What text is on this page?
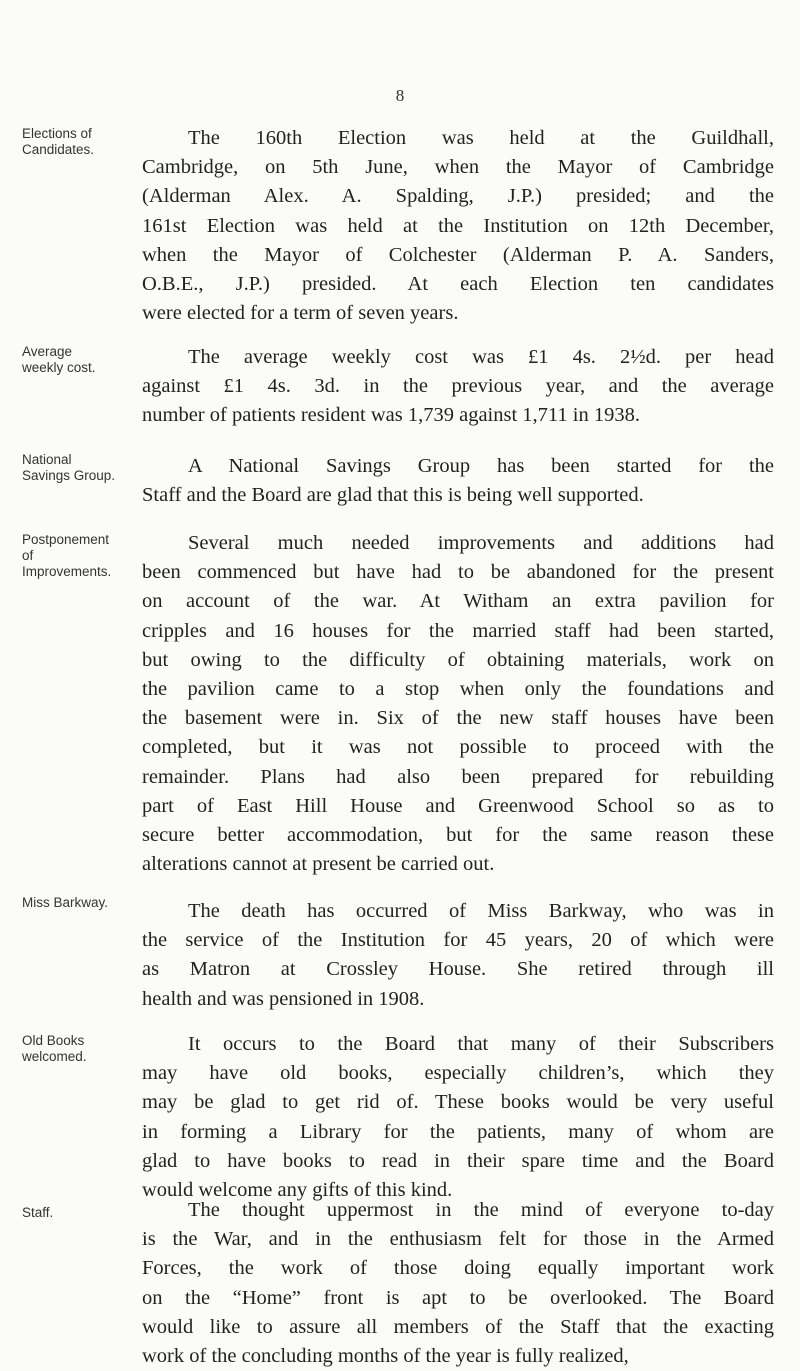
8
Elections of
Candidates.
The 160th Election was held at the Guildhall,
Cambridge, on 5th June, when the Mayor of Cambridge
(Alderman Alex. A. Spalding, J.P.) presided; and the
161st Election was held at the Institution on 12th December,
when the Mayor of Colchester (Alderman P. A. Sanders,
O.B.E., J.P.) presided. At each Election ten candidates
were elected for a term of seven years.
Average
weekly cost.	The average weekly cost was £1 4s. 2½d. per head
against £1 4s. 3d. in the previous year, and the average
number of patients resident was 1,739 against 1,711 in 1938.
National
Savings Group.	A National Savings Group has been started for the
Staff and the Board are glad that this is being well supported.
Postponement
of
Improvements.
Several much needed improvements and additions had
been commenced but have had to be abandoned for the present
on account of the war. At Witham an extra pavilion for
cripples and 16 houses for the married staff had been started,
but owing to the difficulty of obtaining materials, work on
the pavilion came to a stop when only the foundations and
the basement were in. Six of the new staff houses have been
completed, but it was not possible to proceed with the
remainder. Plans had also been prepared for rebuilding
part of East Hill House and Greenwood School so as to
secure better accommodation, but for the same reason these
alterations cannot at present be carried out.
Miss Barkway.	The death has occurred of Miss Barkway, who was in
the service of the Institution for 45 years, 20 of which were
as Matron at Crossley House. She retired through ill
health and was pensioned in 1908.
Old Books
welcomed.
It occurs to the Board that many of their Subscribers
may have old books, especially children’s, which they
may be glad to get rid of. These books would be very useful
in forming a Library for the patients, many of whom are
glad to have books to read in their spare time and the Board
would welcome any gifts of this kind.
Staff.	The thought uppermost in the mind of everyone to-day
is the War, and in the enthusiasm felt for those in the Armed
Forces, the work of those doing equally important work
on the “Home” front is apt to be overlooked. The Board
would like to assure all members of the Staff that the exacting
work of the concluding months of the year is fully realized,
